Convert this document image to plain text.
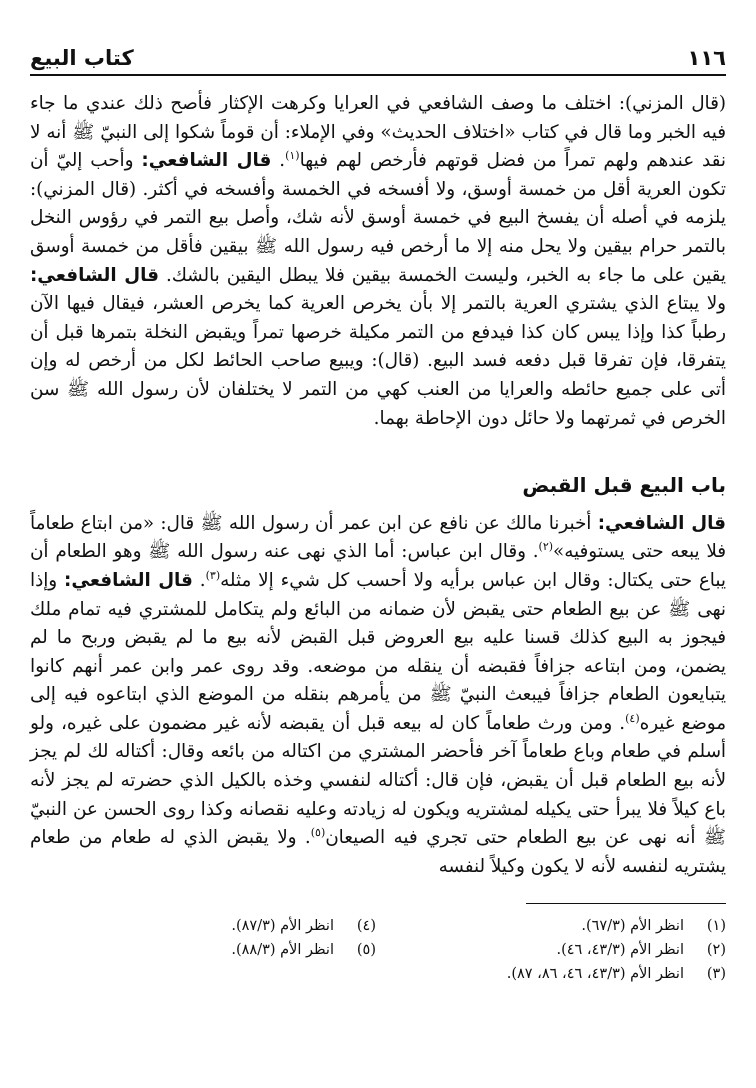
١١٦
كتاب البيع

(قال المزني): اختلف ما وصف الشافعي في العرايا وكرهت الإكثار فأصح ذلك عندي ما جاء فيه الخبر وما قال في كتاب «اختلاف الحديث» وفي الإملاء: أن قوماً شكوا إلى النبيّ ﷺ أنه لا نقد عندهم ولهم تمراً من فضل قوتهم فأرخص لهم فيها$^{(١)}$. قال الشافعي: وأحب إليّ أن تكون العرية أقل من خمسة أوسق، ولا أفسخه في الخمسة وأفسخه في أكثر. (قال المزني): يلزمه في أصله أن يفسخ البيع في خمسة أوسق لأنه شك، وأصل بيع التمر في رؤوس النخل بالتمر حرام بيقين ولا يحل منه إلا ما أرخص فيه رسول الله ﷺ بيقين فأقل من خمسة أوسق يقين على ما جاء به الخبر، وليست الخمسة بيقين فلا يبطل اليقين بالشك. قال الشافعي: ولا يبتاع الذي يشتري العرية بالتمر إلا بأن يخرص العرية كما يخرص العشر، فيقال فيها الآن رطباً كذا وإذا يبس كان كذا فيدفع من التمر مكيلة خرصها تمراً ويقبض النخلة بتمرها قبل أن يتفرقا، فإن تفرقا قبل دفعه فسد البيع. (قال): ويبيع صاحب الحائط لكل من أرخص له وإن أتى على جميع حائطه والعرايا من العنب كهي من التمر لا يختلفان لأن رسول الله ﷺ سن الخرص في ثمرتهما ولا حائل دون الإحاطة بهما.

باب البيع قبل القبض

قال الشافعي: أخبرنا مالك عن نافع عن ابن عمر أن رسول الله ﷺ قال: «من ابتاع طعاماً فلا يبعه حتى يستوفيه»$^{(٢)}$. وقال ابن عباس: أما الذي نهى عنه رسول الله ﷺ وهو الطعام أن يباع حتى يكتال: وقال ابن عباس برأيه ولا أحسب كل شيء إلا مثله$^{(٣)}$. قال الشافعي: وإذا نهى ﷺ عن بيع الطعام حتى يقبض لأن ضمانه من البائع ولم يتكامل للمشتري فيه تمام ملك فيجوز به البيع كذلك قسنا عليه بيع العروض قبل القبض لأنه بيع ما لم يقبض وربح ما لم يضمن، ومن ابتاعه جزافاً فقبضه أن ينقله من موضعه. وقد روى عمر وابن عمر أنهم كانوا يتبايعون الطعام جزافاً فيبعث النبيّ ﷺ من يأمرهم بنقله من الموضع الذي ابتاعوه فيه إلى موضع غيره$^{(٤)}$. ومن ورث طعاماً كان له بيعه قبل أن يقبضه لأنه غير مضمون على غيره، ولو أسلم في طعام وباع طعاماً آخر فأحضر المشتري من اكتاله من بائعه وقال: أكتاله لك لم يجز لأنه بيع الطعام قبل أن يقبض، فإن قال: أكتاله لنفسي وخذه بالكيل الذي حضرته لم يجز لأنه باع كيلاً فلا يبرأ حتى يكيله لمشتريه ويكون له زيادته وعليه نقصانه وكذا روى الحسن عن النبيّ ﷺ أنه نهى عن بيع الطعام حتى تجري فيه الصيعان$^{(٥)}$. ولا يقبض الذي له طعام من طعام يشتريه لنفسه لأنه لا يكون وكيلاً لنفسه

(١)
انظر الأم (٦٧/٣).
(٤)
انظر الأم (٨٧/٣).
(٢)
انظر الأم (٤٣/٣، ٤٦).
(٥)
انظر الأم (٨٨/٣).
(٣)
انظر الأم (٤٣/٣، ٤٦، ٨٦، ٨٧).
